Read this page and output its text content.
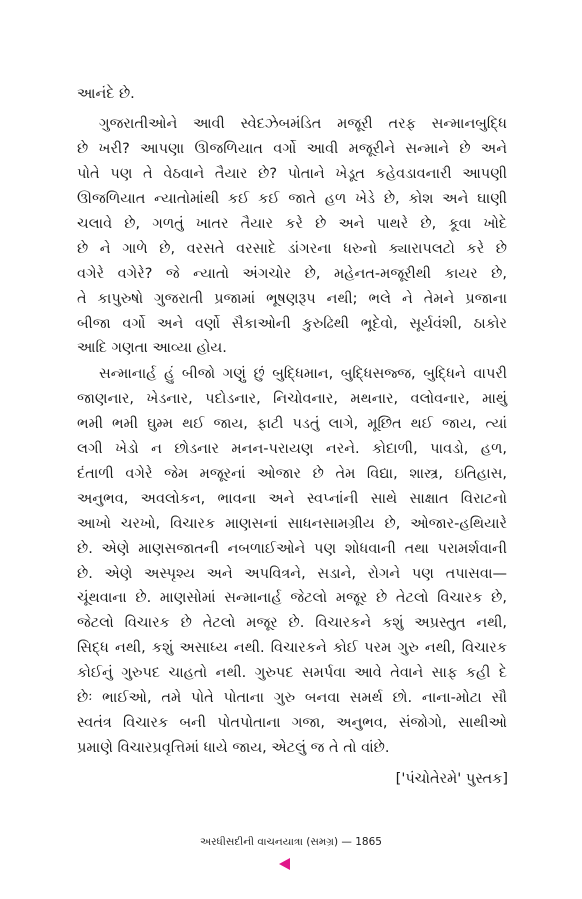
આનંદે છે.
ગુજરાતીઓને આવી સ્વેદઝેબમંડિત મજૂરી તરફ સન્માનબુદ્ધિ
છે ખરી? આપણા ઊજળિયાત વર્ગો આવી મજૂરીને સન્માને છે અને
પોતે પણ તે વેઠવાને તૈયાર છે? પોતાને ખેડૂત કહેવડાવનારી આપણી
ઊજળિયાત ન્યાતોમાંથી કઈ કઈ જાતે હળ ખેડે છે, કોશ અને ઘાણી
ચલાવે છે, ગળતું ખાતર તૈયાર કરે છે અને પાથરે છે, કૂવા ખોદે
છે ને ગાળે છે, વરસતે વરસાદે ડાંગરના ધરુનો ક્યારાપલટો કરે છે
વગેરે વગેરે? જે ન્યાતો અંગચોર છે, મહેનત-મજૂરીથી કાયર છે,
તે કાપુરુષો ગુજરાતી પ્રજામાં ભૂષણરૂપ નથી; ભલે ને તેમને પ્રજાના
બીજા વર્ગો અને વર્ણો સૈકાઓની કુરુઢિથી ભૂદેવો, સૂર્યવંશી, ઠાકોર
આદિ ગણતા આવ્યા હોય.
સન્માનાર્હ હું બીજો ગણું છું બુદ્ધિમાન, બુદ્ધિસજ્જ, બુદ્ધિને વાપરી
જાણનાર, ખેડનાર, પદોડનાર, નિચોવનાર, મથનાર, વલોવનાર, માથું
ભમી ભમી ઘુમ્મ થઈ જાય, ફાટી પડતું લાગે, મૂછિત થઈ જાય, ત્યાં
લગી ખેડો ન છોડનાર મનન-પરાયણ નરને. કોદાળી, પાવડો, હળ,
દંતાળી વગેરે જેમ મજૂરનાં ઓજાર છે તેમ વિદ્યા, શાસ્ત્ર, ઇતિહાસ,
અનુભવ, અવલોકન, ભાવના અને સ્વપ્નાંની સાથે સાક્ષાત વિરાટનો
આખો ચરખો, વિચારક માણસનાં સાધનસામગ્રીય છે, ઓજાર-હથિયારે
છે. એણે માણસજાતની નબળાઈઓને પણ શોધવાની તથા પરામર્શવાની
છે. એણે અસ્પૃશ્ય અને અપવિત્રને, સડાને, રોગને પણ તપાસવા—
ચૂંથવાના છે. માણસોમાં સન્માનાર્હ જેટલો મજૂર છે તેટલો વિચારક છે,
જેટલો વિચારક છે તેટલો મજૂર છે. વિચારકને કશું અપ્રસ્તુત નથી,
સિદ્ધ નથી, કશું અસાધ્ય નથી. વિચારકને કોઈ પરમ ગુરુ નથી, વિચારક
કોઈનું ગુરુપદ ચાહતો નથી. ગુરુપદ સમર્પવા આવે તેવાને સાફ કહી દે
છેઃ ભાઈઓ, તમે પોતે પોતાના ગુરુ બનવા સમર્થ છો. નાના-મોટા સૌ
સ્વતંત્ર વિચારક બની પોતપોતાના ગજા, અનુભવ, સંજોગો, સાથીઓ
પ્રમાણે વિચારપ્રવૃત્તિમાં ધાયે જાય, એટલું જ તે તો વાંછે.
['પંચોતેરમે' પુસ્તક]
અરધીસદીની વાચનયાત્રા (સમગ્ર) — 1865
